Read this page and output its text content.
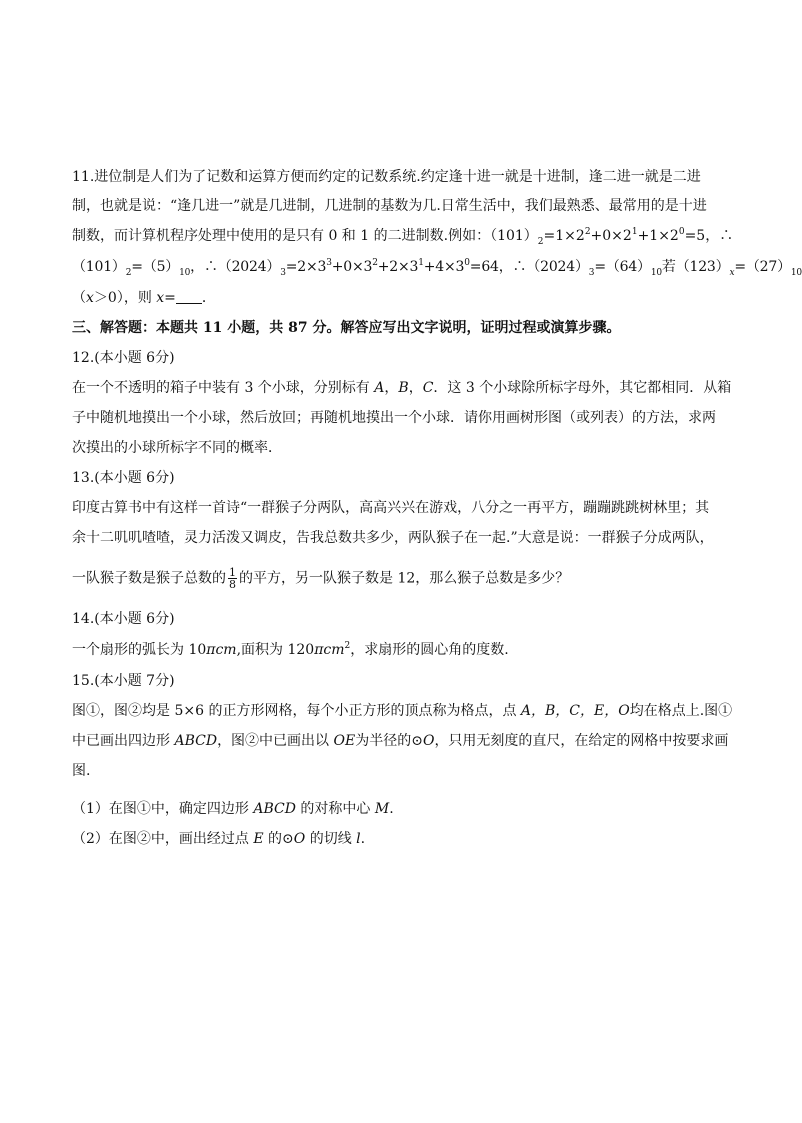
11.进位制是人们为了记数和运算方便而约定的记数系统.约定逢十进一就是十进制，逢二进一就是二进
制，也就是说：“逢几进一”就是几进制，几进制的基数为几.日常生活中，我们最熟悉、最常用的是十进
制数，而计算机程序处理中使用的是只有 0 和 1 的二进制数.例如：$(101)_2=1\times 2^2+0\times 2^1+1\times 2^0=5$，∴
$(101)_2=(5)_{10}$，$\therefore(2024)_3=2\times 3^3+0\times 3^2+2\times 3^1+4\times 3^0=64$，$\therefore(2024)_3=(64)_{10}$若$(123)_x=(27)_{10}$
（x＞0），则 x= ．
三、解答题：本题共 11 小题，共 87 分。解答应写出文字说明，证明过程或演算步骤。
12.(本小题 6分)
在一个不透明的箱子中装有 3 个小球，分别标有 A，B，C．这 3 个小球除所标字母外，其它都相同．从箱
子中随机地摸出一个小球，然后放回；再随机地摸出一个小球．请你用画树形图（或列表）的方法，求两
次摸出的小球所标字不同的概率．
13.(本小题 6分)
印度古算书中有这样一首诗“一群猴子分两队，高高兴兴在游戏，八分之一再平方，蹦蹦跳跳树林里；其
余十二叽叽喳喳，灵力活泼又调皮，告我总数共多少，两队猴子在一起.”大意是说：一群猴子分成两队，
一队猴子数是猴子总数的 $\frac{1}{8}$ 的平方，另一队猴子数是 12，那么猴子总数是多少？
14.(本小题 6分)
一个扇形的弧长为 10πcm,面积为 120πcm$^2$，求扇形的圆心角的度数.
15.(本小题 7分)
图①，图②均是 5×6 的正方形网格，每个小正方形的顶点称为格点，点 A，B，C，E，O均在格点上.图①
中已画出四边形 ABCD，图②中已画出以 OE为半径的⊙O，只用无刻度的直尺，在给定的网格中按要求画
图.
（1）在图①中，确定四边形 ABCD 的对称中心 M.
（2）在图②中，画出经过点 E 的⊙O 的切线 l.
